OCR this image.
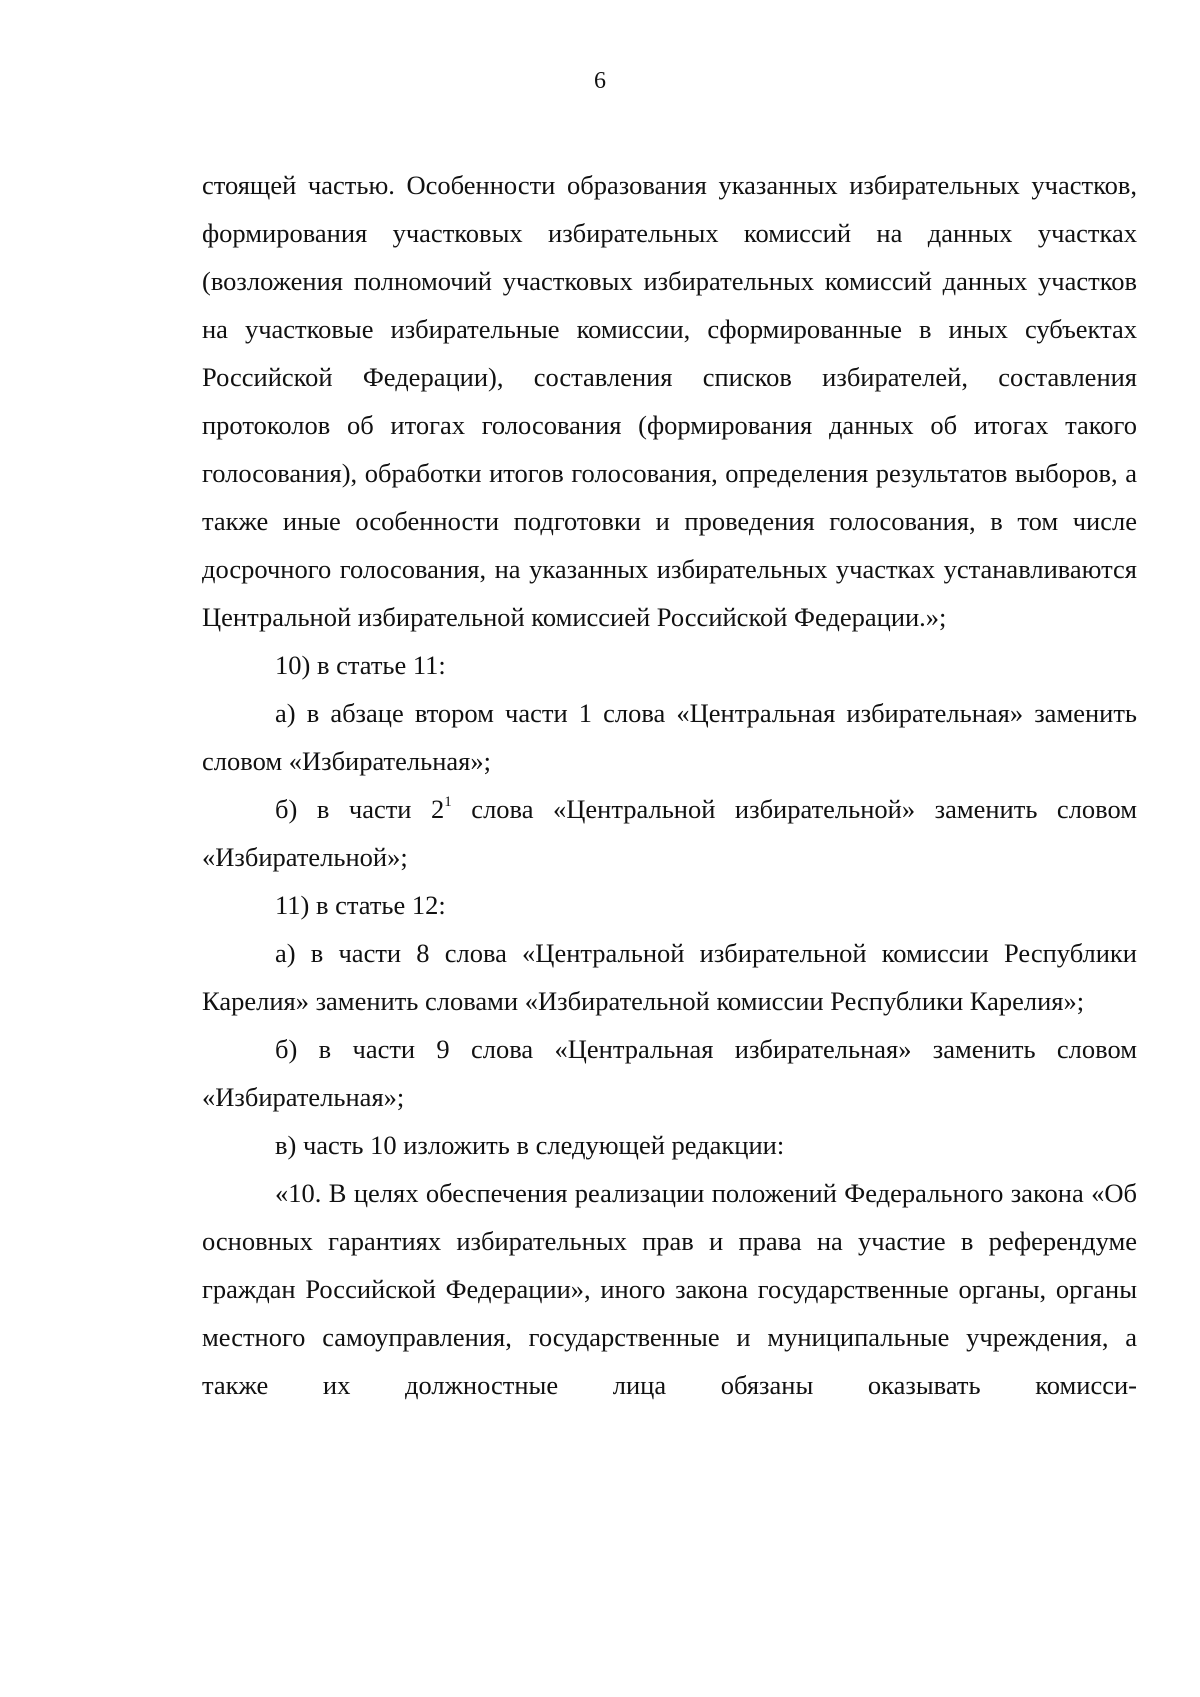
6

стоящей частью. Особенности образования указанных избирательных участков, формирования участковых избирательных комиссий на данных участках (возложения полномочий участковых избирательных комиссий данных участков на участковые избирательные комиссии, сформированные в иных субъектах Российской Федерации), составления списков избирателей, составления протоколов об итогах голосования (формирования данных об итогах такого голосования), обработки итогов голосования, определения результатов выборов, а также иные особенности подготовки и проведения голосования, в том числе досрочного голосования, на указанных избирательных участках устанавливаются Центральной избирательной комиссией Российской Федерации.»;

10) в статье 11:

а) в абзаце втором части 1 слова «Центральная избирательная» заменить словом «Избирательная»;

б) в части $2^1$ слова «Центральной избирательной» заменить словом «Избирательной»;

11) в статье 12:

а) в части 8 слова «Центральной избирательной комиссии Республики Карелия» заменить словами «Избирательной комиссии Республики Карелия»;

б) в части 9 слова «Центральная избирательная» заменить словом «Избирательная»;

в) часть 10 изложить в следующей редакции:

«10. В целях обеспечения реализации положений Федерального закона «Об основных гарантиях избирательных прав и права на участие в референдуме граждан Российской Федерации», иного закона государственные органы, органы местного самоуправления, государственные и муниципальные учреждения, а также их должностные лица обязаны оказывать комисси-
